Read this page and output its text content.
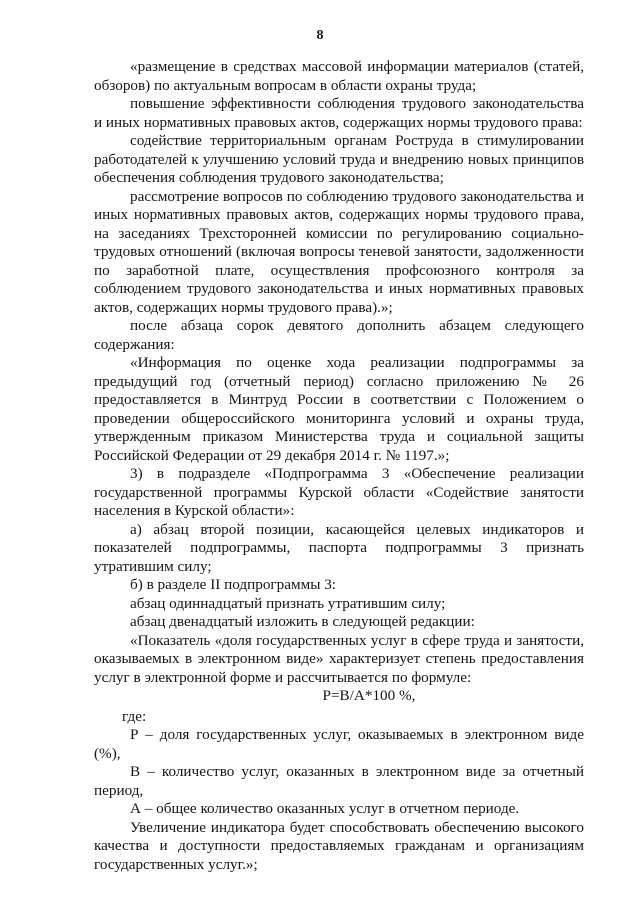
8

«размещение в средствах массовой информации материалов (статей, обзоров) по актуальным вопросам в области охраны труда;

повышение эффективности соблюдения трудового законодательства и иных нормативных правовых актов, содержащих нормы трудового права:

содействие территориальным органам Роструда в стимулировании работодателей к улучшению условий труда и внедрению новых принципов обеспечения соблюдения трудового законодательства;

рассмотрение вопросов по соблюдению трудового законодательства и иных нормативных правовых актов, содержащих нормы трудового права, на заседаниях Трехсторонней комиссии по регулированию социально-трудовых отношений (включая вопросы теневой занятости, задолженности по заработной плате, осуществления профсоюзного контроля за соблюдением трудового законодательства и иных нормативных правовых актов, содержащих нормы трудового права).»;

после абзаца сорок девятого дополнить абзацем следующего содержания:

«Информация по оценке хода реализации подпрограммы за предыдущий год (отчетный период) согласно приложению № 26 предоставляется в Минтруд России в соответствии с Положением о проведении общероссийского мониторинга условий и охраны труда, утвержденным приказом Министерства труда и социальной защиты Российской Федерации от 29 декабря 2014 г. № 1197.»;

3) в подразделе «Подпрограмма 3 «Обеспечение реализации государственной программы Курской области «Содействие занятости населения в Курской области»:

а) абзац второй позиции, касающейся целевых индикаторов и показателей подпрограммы, паспорта подпрограммы 3 признать утратившим силу;

б) в разделе II подпрограммы 3:

абзац одиннадцатый признать утратившим силу;

абзац двенадцатый изложить в следующей редакции:

«Показатель «доля государственных услуг в сфере труда и занятости, оказываемых в электронном виде» характеризует степень предоставления услуг в электронной форме и рассчитывается по формуле:

Р=В/А*100 %,

где:

Р – доля государственных услуг, оказываемых в электронном виде (%),

В – количество услуг, оказанных в электронном виде за отчетный период,

А – общее количество оказанных услуг в отчетном периоде.

Увеличение индикатора будет способствовать обеспечению высокого качества и доступности предоставляемых гражданам и организациям государственных услуг.»;
